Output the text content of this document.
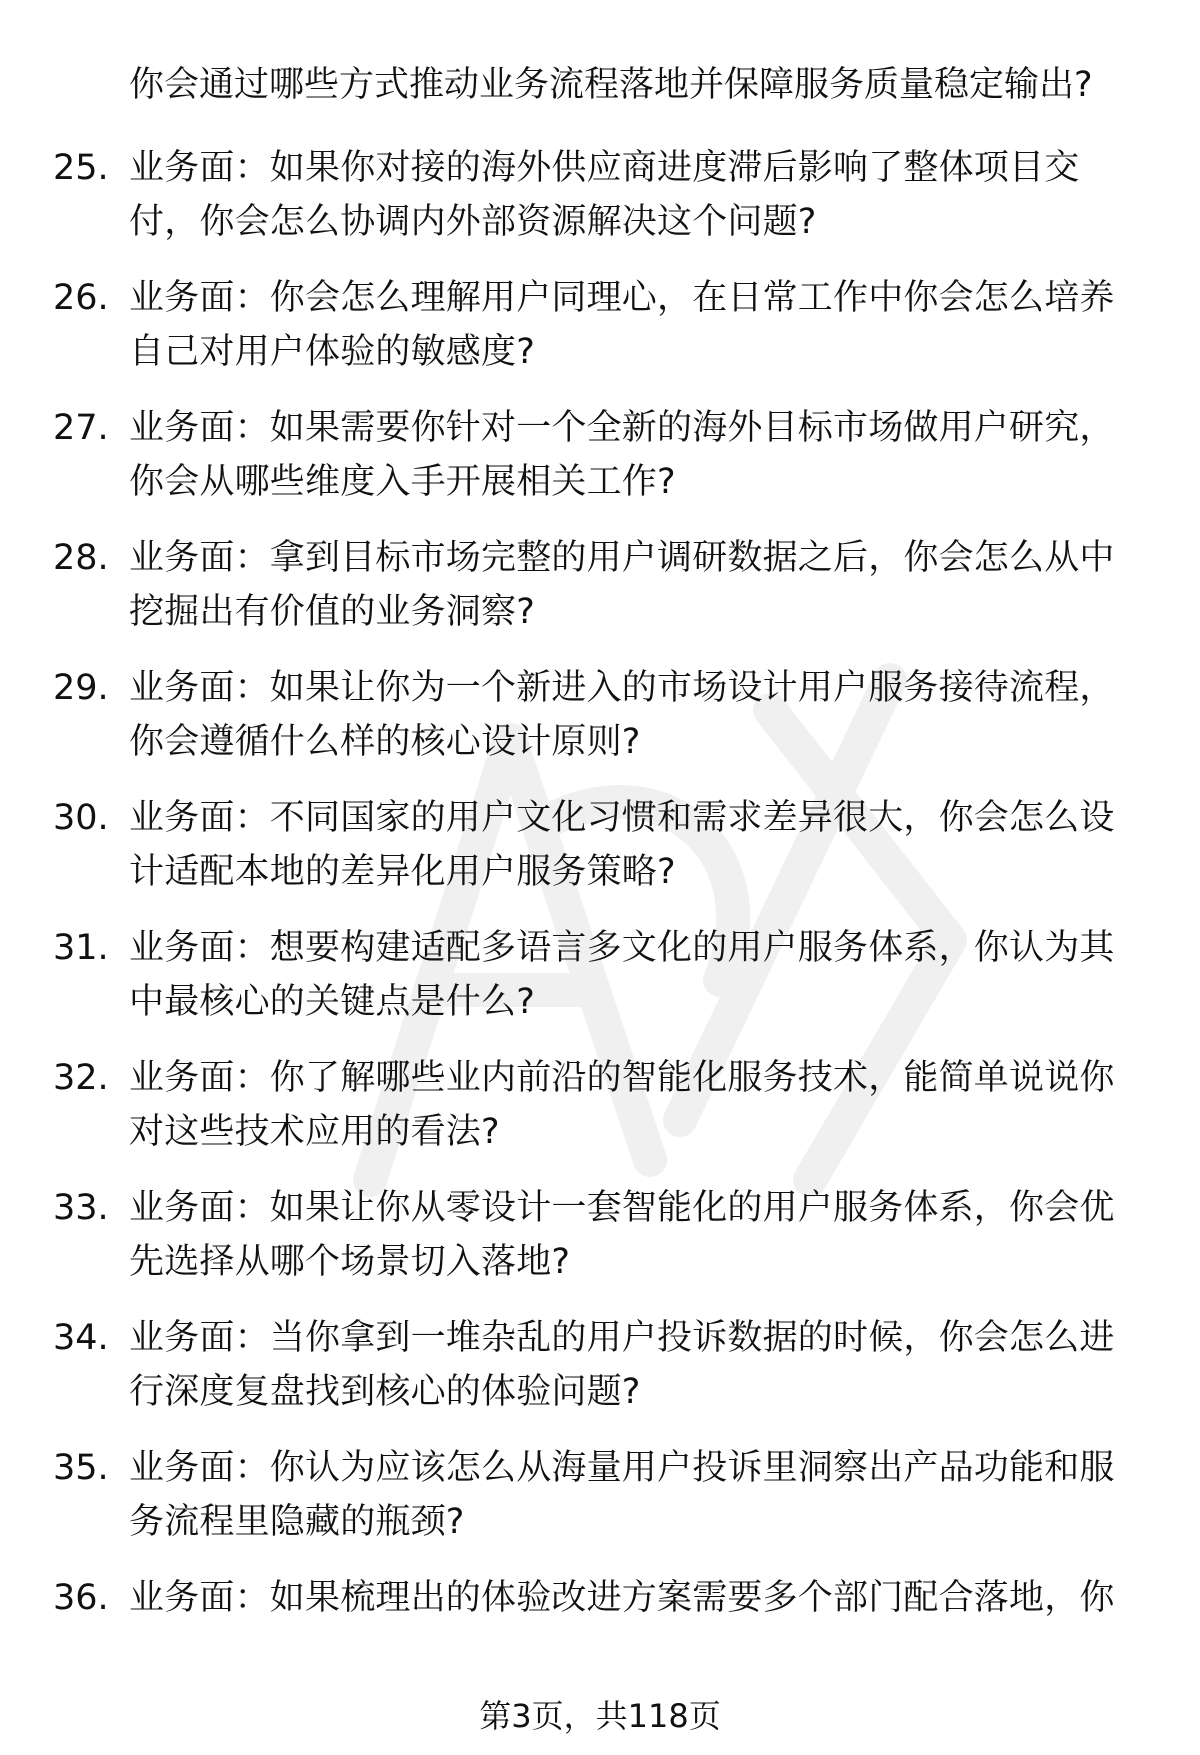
你会通过哪些方式推动业务流程落地并保障服务质量稳定输出?
25. 业务面：如果你对接的海外供应商进度滞后影响了整体项目交
付，你会怎么协调内外部资源解决这个问题?
26. 业务面：你会怎么理解用户同理心，在日常工作中你会怎么培养
自己对用户体验的敏感度?
27. 业务面：如果需要你针对一个全新的海外目标市场做用户研究，
你会从哪些维度入手开展相关工作?
28. 业务面：拿到目标市场完整的用户调研数据之后，你会怎么从中
挖掘出有价值的业务洞察?
29. 业务面：如果让你为一个新进入的市场设计用户服务接待流程，
你会遵循什么样的核心设计原则?
30. 业务面：不同国家的用户文化习惯和需求差异很大，你会怎么设
计适配本地的差异化用户服务策略?
31. 业务面：想要构建适配多语言多文化的用户服务体系，你认为其
中最核心的关键点是什么?
32. 业务面：你了解哪些业内前沿的智能化服务技术，能简单说说你
对这些技术应用的看法?
33. 业务面：如果让你从零设计一套智能化的用户服务体系，你会优
先选择从哪个场景切入落地?
34. 业务面：当你拿到一堆杂乱的用户投诉数据的时候，你会怎么进
行深度复盘找到核心的体验问题?
35. 业务面：你认为应该怎么从海量用户投诉里洞察出产品功能和服
务流程里隐藏的瓶颈?
36. 业务面：如果梳理出的体验改进方案需要多个部门配合落地，你
第3页，共118页
